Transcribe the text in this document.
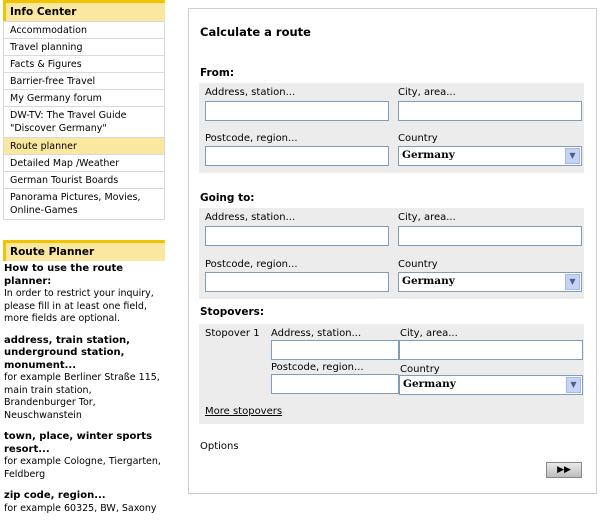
Info Center
Accommodation
Travel planning
Facts & Figures
Barrier-free Travel
My Germany forum
DW-TV: The Travel Guide "Discover Germany"
Route planner
Detailed Map /Weather
German Tourist Boards
Panorama Pictures, Movies, Online-Games
Route Planner
How to use the route planner:
In order to restrict your inquiry, please fill in at least one field, more fields are optional.
address, train station, underground station, monument...
for example Berliner Straße 115, main train station, Brandenburger Tor, Neuschwanstein
town, place, winter sports resort...
for example Cologne, Tiergarten, Feldberg
zip code, region...
for example 60325, BW, Saxony
Calculate a route
From:
Address, station...	City, area...
Postcode, region...	Country
Germany	▼
Going to:
Address, station...	City, area...
Postcode, region...	Country
Germany	▼
Stopovers:
Stopover 1 Address, station...	City, area...
Postcode, region...	Country
Germany	▼
More stopovers
Options
▶▶
